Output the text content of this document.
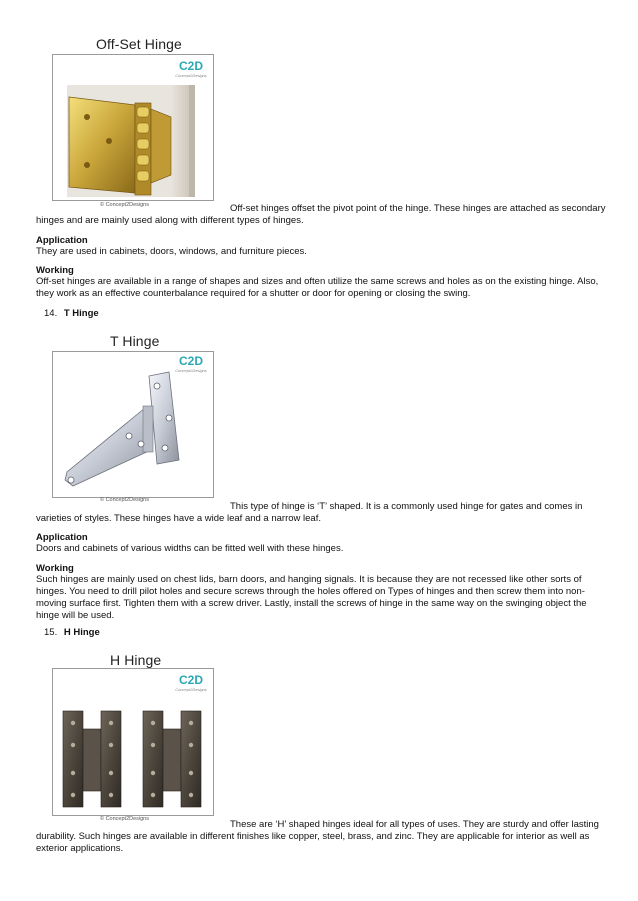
Off-Set Hinge
C2D
Concept2Designs
© Concept2Designs	Off-set hinges offset the pivot point of the hinge. These hinges are attached as secondary
hinges and are mainly used along with different types of hinges.
Application
They are used in cabinets, doors, windows, and furniture pieces.
Working
Off-set hinges are available in a range of shapes and sizes and often utilize the same screws and holes as on the existing hinge. Also,
they work as an effective counterbalance required for a shutter or door for opening or closing the swing.
14. T Hinge
T Hinge
C2D
Concept2Designs
© Concept2Designs
This type of hinge is ‘T’ shaped. It is a commonly used hinge for gates and comes in
varieties of styles. These hinges have a wide leaf and a narrow leaf.
Application
Doors and cabinets of various widths can be fitted well with these hinges.
Working
Such hinges are mainly used on chest lids, barn doors, and hanging signals. It is because they are not recessed like other sorts of
hinges. You need to drill pilot holes and secure screws through the holes offered on Types of hinges and then screw them into non-
moving surface first. Tighten them with a screw driver. Lastly, install the screws of hinge in the same way on the swinging object the
hinge will be used.
15. H Hinge
H Hinge
C2D
Concept2Designs
© Concept2Designs	These are ‘H’ shaped hinges ideal for all types of uses. They are sturdy and offer lasting
durability. Such hinges are available in different finishes like copper, steel, brass, and zinc. They are applicable for interior as well as
exterior applications.
